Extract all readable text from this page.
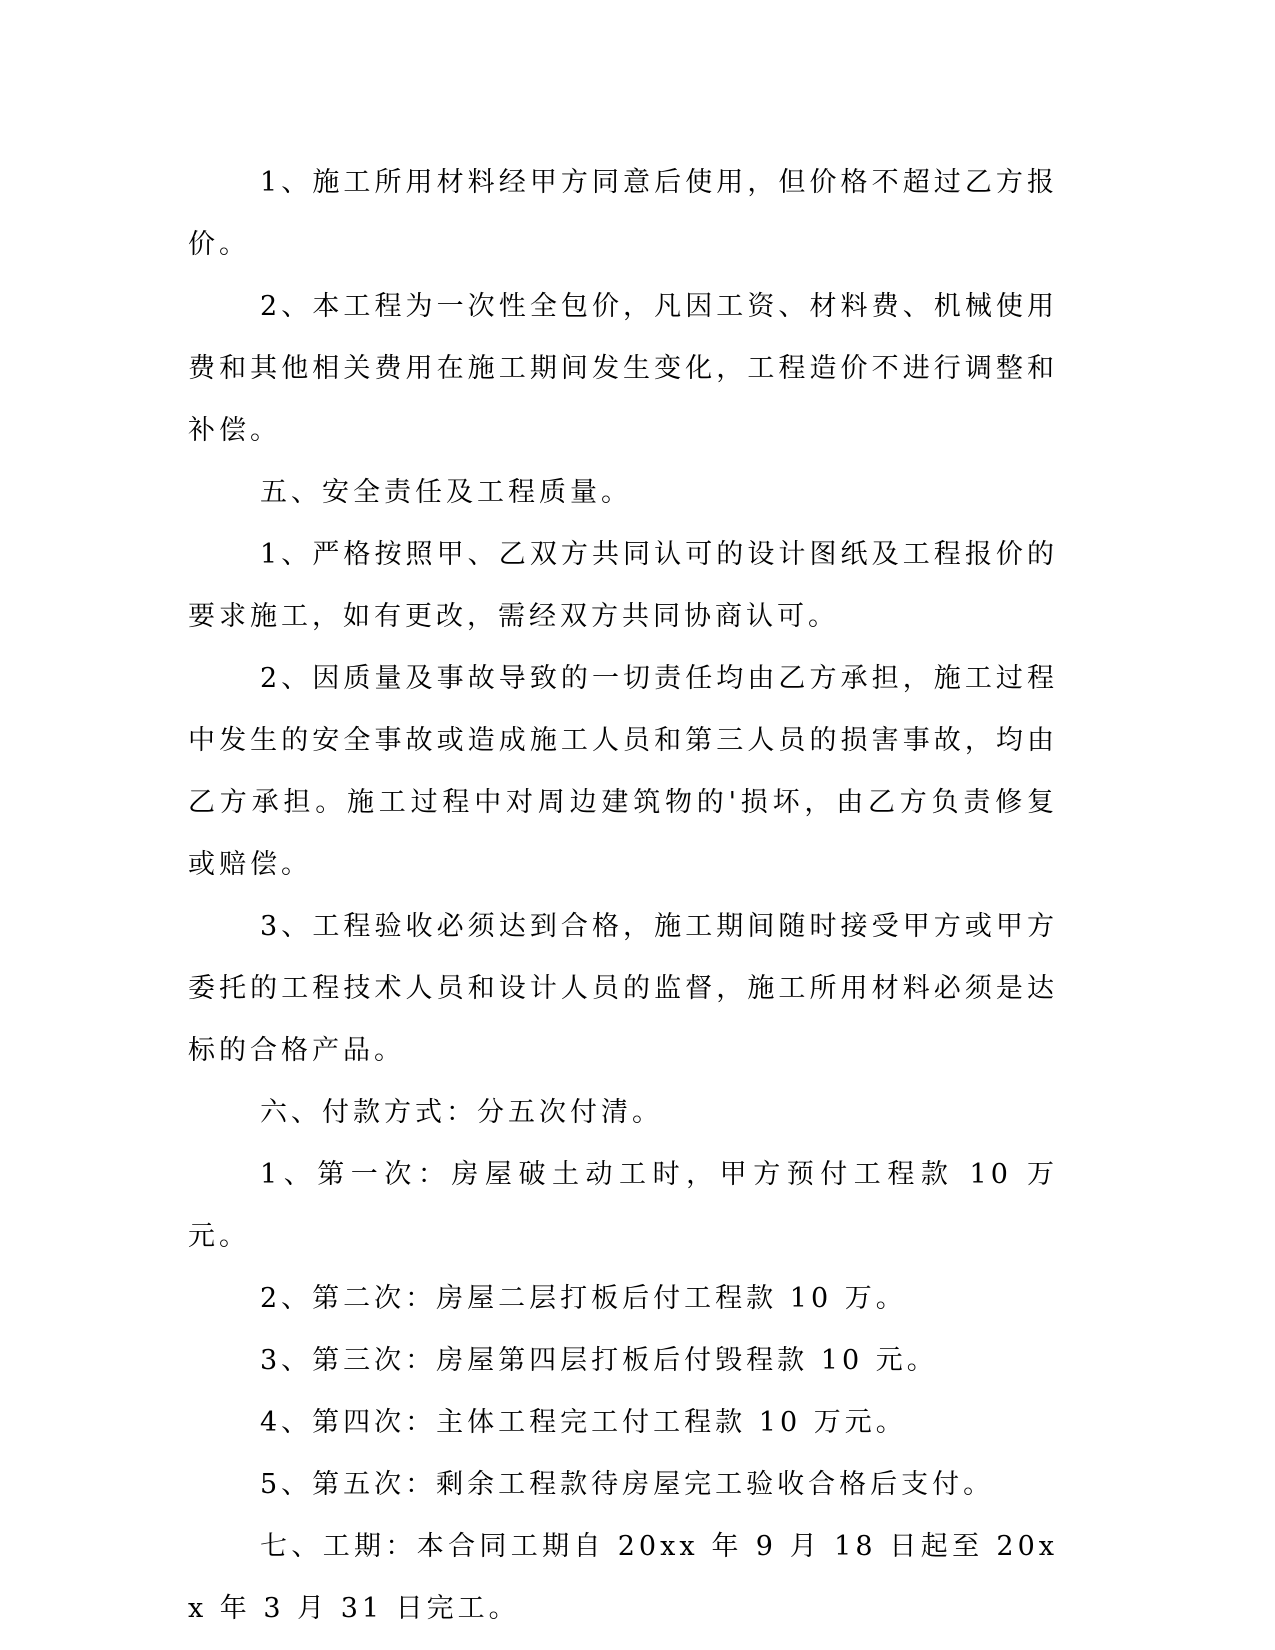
1、施工所用材料经甲方同意后使用，但价格不超过乙方报价。

2、本工程为一次性全包价，凡因工资、材料费、机械使用费和其他相关费用在施工期间发生变化，工程造价不进行调整和补偿。

五、安全责任及工程质量。

1、严格按照甲、乙双方共同认可的设计图纸及工程报价的要求施工，如有更改，需经双方共同协商认可。

2、因质量及事故导致的一切责任均由乙方承担，施工过程中发生的安全事故或造成施工人员和第三人员的损害事故，均由乙方承担。施工过程中对周边建筑物的'损坏，由乙方负责修复或赔偿。

3、工程验收必须达到合格，施工期间随时接受甲方或甲方委托的工程技术人员和设计人员的监督，施工所用材料必须是达标的合格产品。

六、付款方式：分五次付清。

1、第一次：房屋破土动工时，甲方预付工程款 10 万元。

2、第二次：房屋二层打板后付工程款 10 万。

3、第三次：房屋第四层打板后付毁程款 10 元。

4、第四次：主体工程完工付工程款 10 万元。

5、第五次：剩余工程款待房屋完工验收合格后支付。

七、工期：本合同工期自 20xx 年 9 月 18 日起至 20xx 年 3 月 31 日完工。
